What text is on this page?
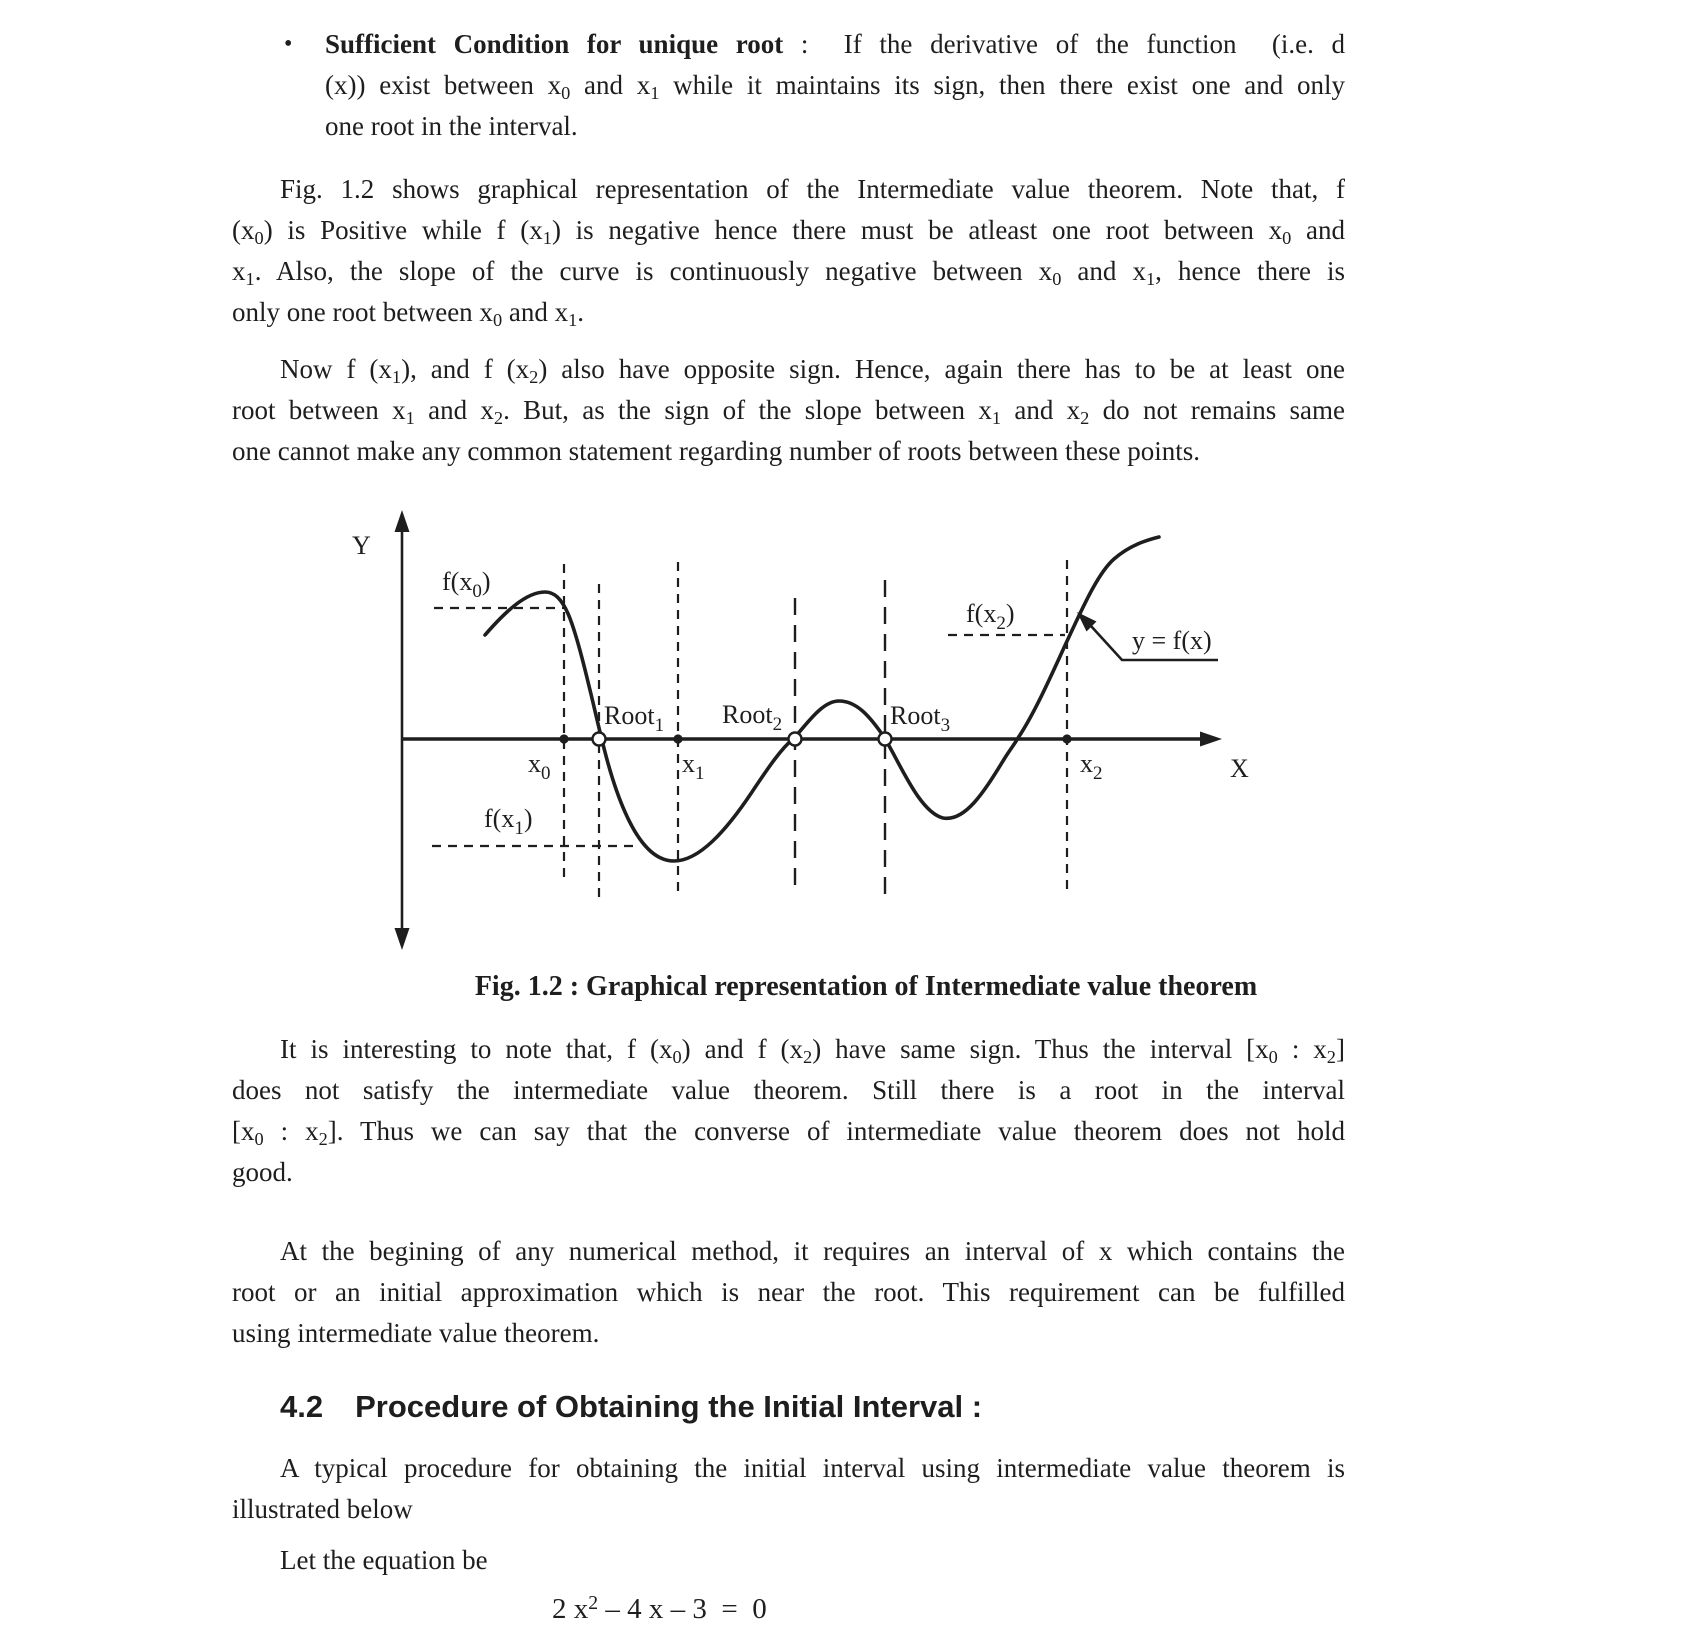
• Sufficient Condition for unique root :  If the derivative of the function  (i.e. d
(x)) exist between $x_0$ and $x_1$ while it maintains its sign, then there exist one and only
one root in the interval.
Fig. 1.2 shows graphical representation of the Intermediate value theorem. Note that, f
$(x_0)$ is Positive while f $(x_1)$ is negative hence there must be atleast one root between $x_0$ and
$x_1$. Also, the slope of the curve is continuously negative between $x_0$ and $x_1$, hence there is
only one root between $x_0$ and $x_1$.
Now f $(x_1)$, and f $(x_2)$ also have opposite sign. Hence, again there has to be at least one
root between $x_1$ and $x_2$. But, as the sign of the slope between $x_1$ and $x_2$ do not remains same
one cannot make any common statement regarding number of roots between these points.
Y
X
y = f(x)
$f(x_0)$
$f(x_1)$
$f(x_2)$
$x_0$	$x_1$	$x_2$
Root$_1$ Root$_2$	Root$_3$
Fig. 1.2 : Graphical representation of Intermediate value theorem
It is interesting to note that, f $(x_0)$ and f $(x_2)$ have same sign. Thus the interval [$x_0$ : $x_2$]
does not satisfy the intermediate value theorem. Still there is a root in the interval
[$x_0$ : $x_2$]. Thus we can say that the converse of intermediate value theorem does not hold
good.
At the begining of any numerical method, it requires an interval of x which contains the
root or an initial approximation which is near the root. This requirement can be fulfilled
using intermediate value theorem.
4.2 Procedure of Obtaining the Initial Interval :
A typical procedure for obtaining the initial interval using intermediate value theorem is
illustrated below
Let the equation be
2 $x^2 - 4$ x – 3  =  0
